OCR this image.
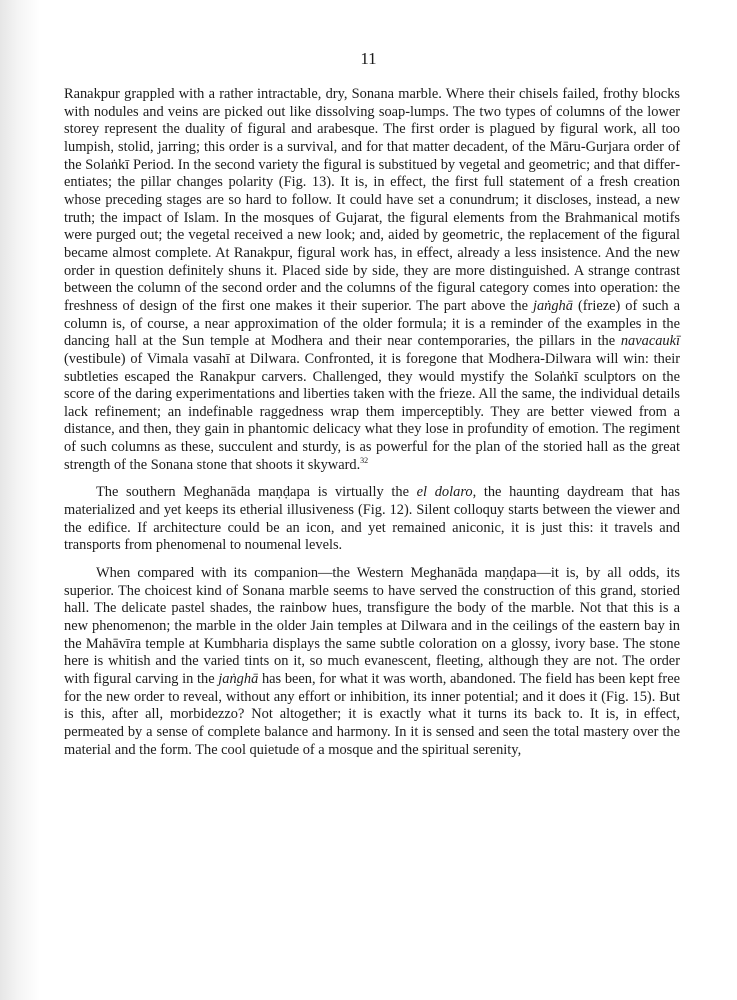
11

Ranakpur grappled with a rather intractable, dry, Sonana marble. Where their chisels failed, frothy blocks with nodules and veins are picked out like dissolving soap-lumps. The two types of columns of the lower storey represent the duality of figural and arabesque. The first order is plagued by figural work, all too lumpish, stolid, jarring; this order is a survival, and for that matter decadent, of the Māru-Gurjara order of the Solaṅkī Period. In the second variety the figural is substitued by vegetal and geometric; and that differentiates; the pillar changes polarity (Fig. 13). It is, in effect, the first full statement of a fresh creation whose preceding stages are so hard to follow. It could have set a conundrum; it discloses, instead, a new truth; the impact of Islam. In the mosques of Gujarat, the figural elements from the Brahmanical motifs were purged out; the vegetal received a new look; and, aided by geometric, the replacement of the figural became almost complete. At Ranakpur, figural work has, in effect, already a less insistence. And the new order in question definitely shuns it. Placed side by side, they are more distinguished. A strange contrast between the column of the second order and the columns of the figural category comes into operation: the freshness of design of the first one makes it their superior. The part above the jaṅghā (frieze) of such a column is, of course, a near approximation of the older formula; it is a reminder of the examples in the dancing hall at the Sun temple at Modhera and their near contemporaries, the pillars in the navacaukī (vestibule) of Vimala vasahī at Dilwara. Confronted, it is foregone that Modhera-Dilwara will win: their subtleties escaped the Ranakpur carvers. Challenged, they would mystify the Solaṅkī sculptors on the score of the daring experimentations and liberties taken with the frieze. All the same, the individual details lack refinement; an indefinable raggedness wrap them imperceptibly. They are better viewed from a distance, and then, they gain in phantomic delicacy what they lose in profundity of emotion. The regiment of such columns as these, succulent and sturdy, is as powerful for the plan of the storied hall as the great strength of the Sonana stone that shoots it skyward.$^{32}$

The southern Meghanāda maṇḍapa is virtually the el dolaro, the haunting daydream that has materialized and yet keeps its etherial illusiveness (Fig. 12). Silent colloquy starts between the viewer and the edifice. If architecture could be an icon, and yet remained aniconic, it is just this: it travels and transports from phenomenal to noumenal levels.

When compared with its companion—the Western Meghanāda maṇḍapa—it is, by all odds, its superior. The choicest kind of Sonana marble seems to have served the construction of this grand, storied hall. The delicate pastel shades, the rainbow hues, transfigure the body of the marble. Not that this is a new phenomenon; the marble in the older Jain temples at Dilwara and in the ceilings of the eastern bay in the Mahāvīra temple at Kumbharia displays the same subtle coloration on a glossy, ivory base. The stone here is whitish and the varied tints on it, so much evanescent, fleeting, although they are not. The order with figural carving in the jaṅghā has been, for what it was worth, abandoned. The field has been kept free for the new order to reveal, without any effort or inhibition, its inner potential; and it does it (Fig. 15). But is this, after all, morbidezzo? Not altogether; it is exactly what it turns its back to. It is, in effect, permeated by a sense of complete balance and harmony. In it is sensed and seen the total mastery over the material and the form. The cool quietude of a mosque and the spiritual serenity,
